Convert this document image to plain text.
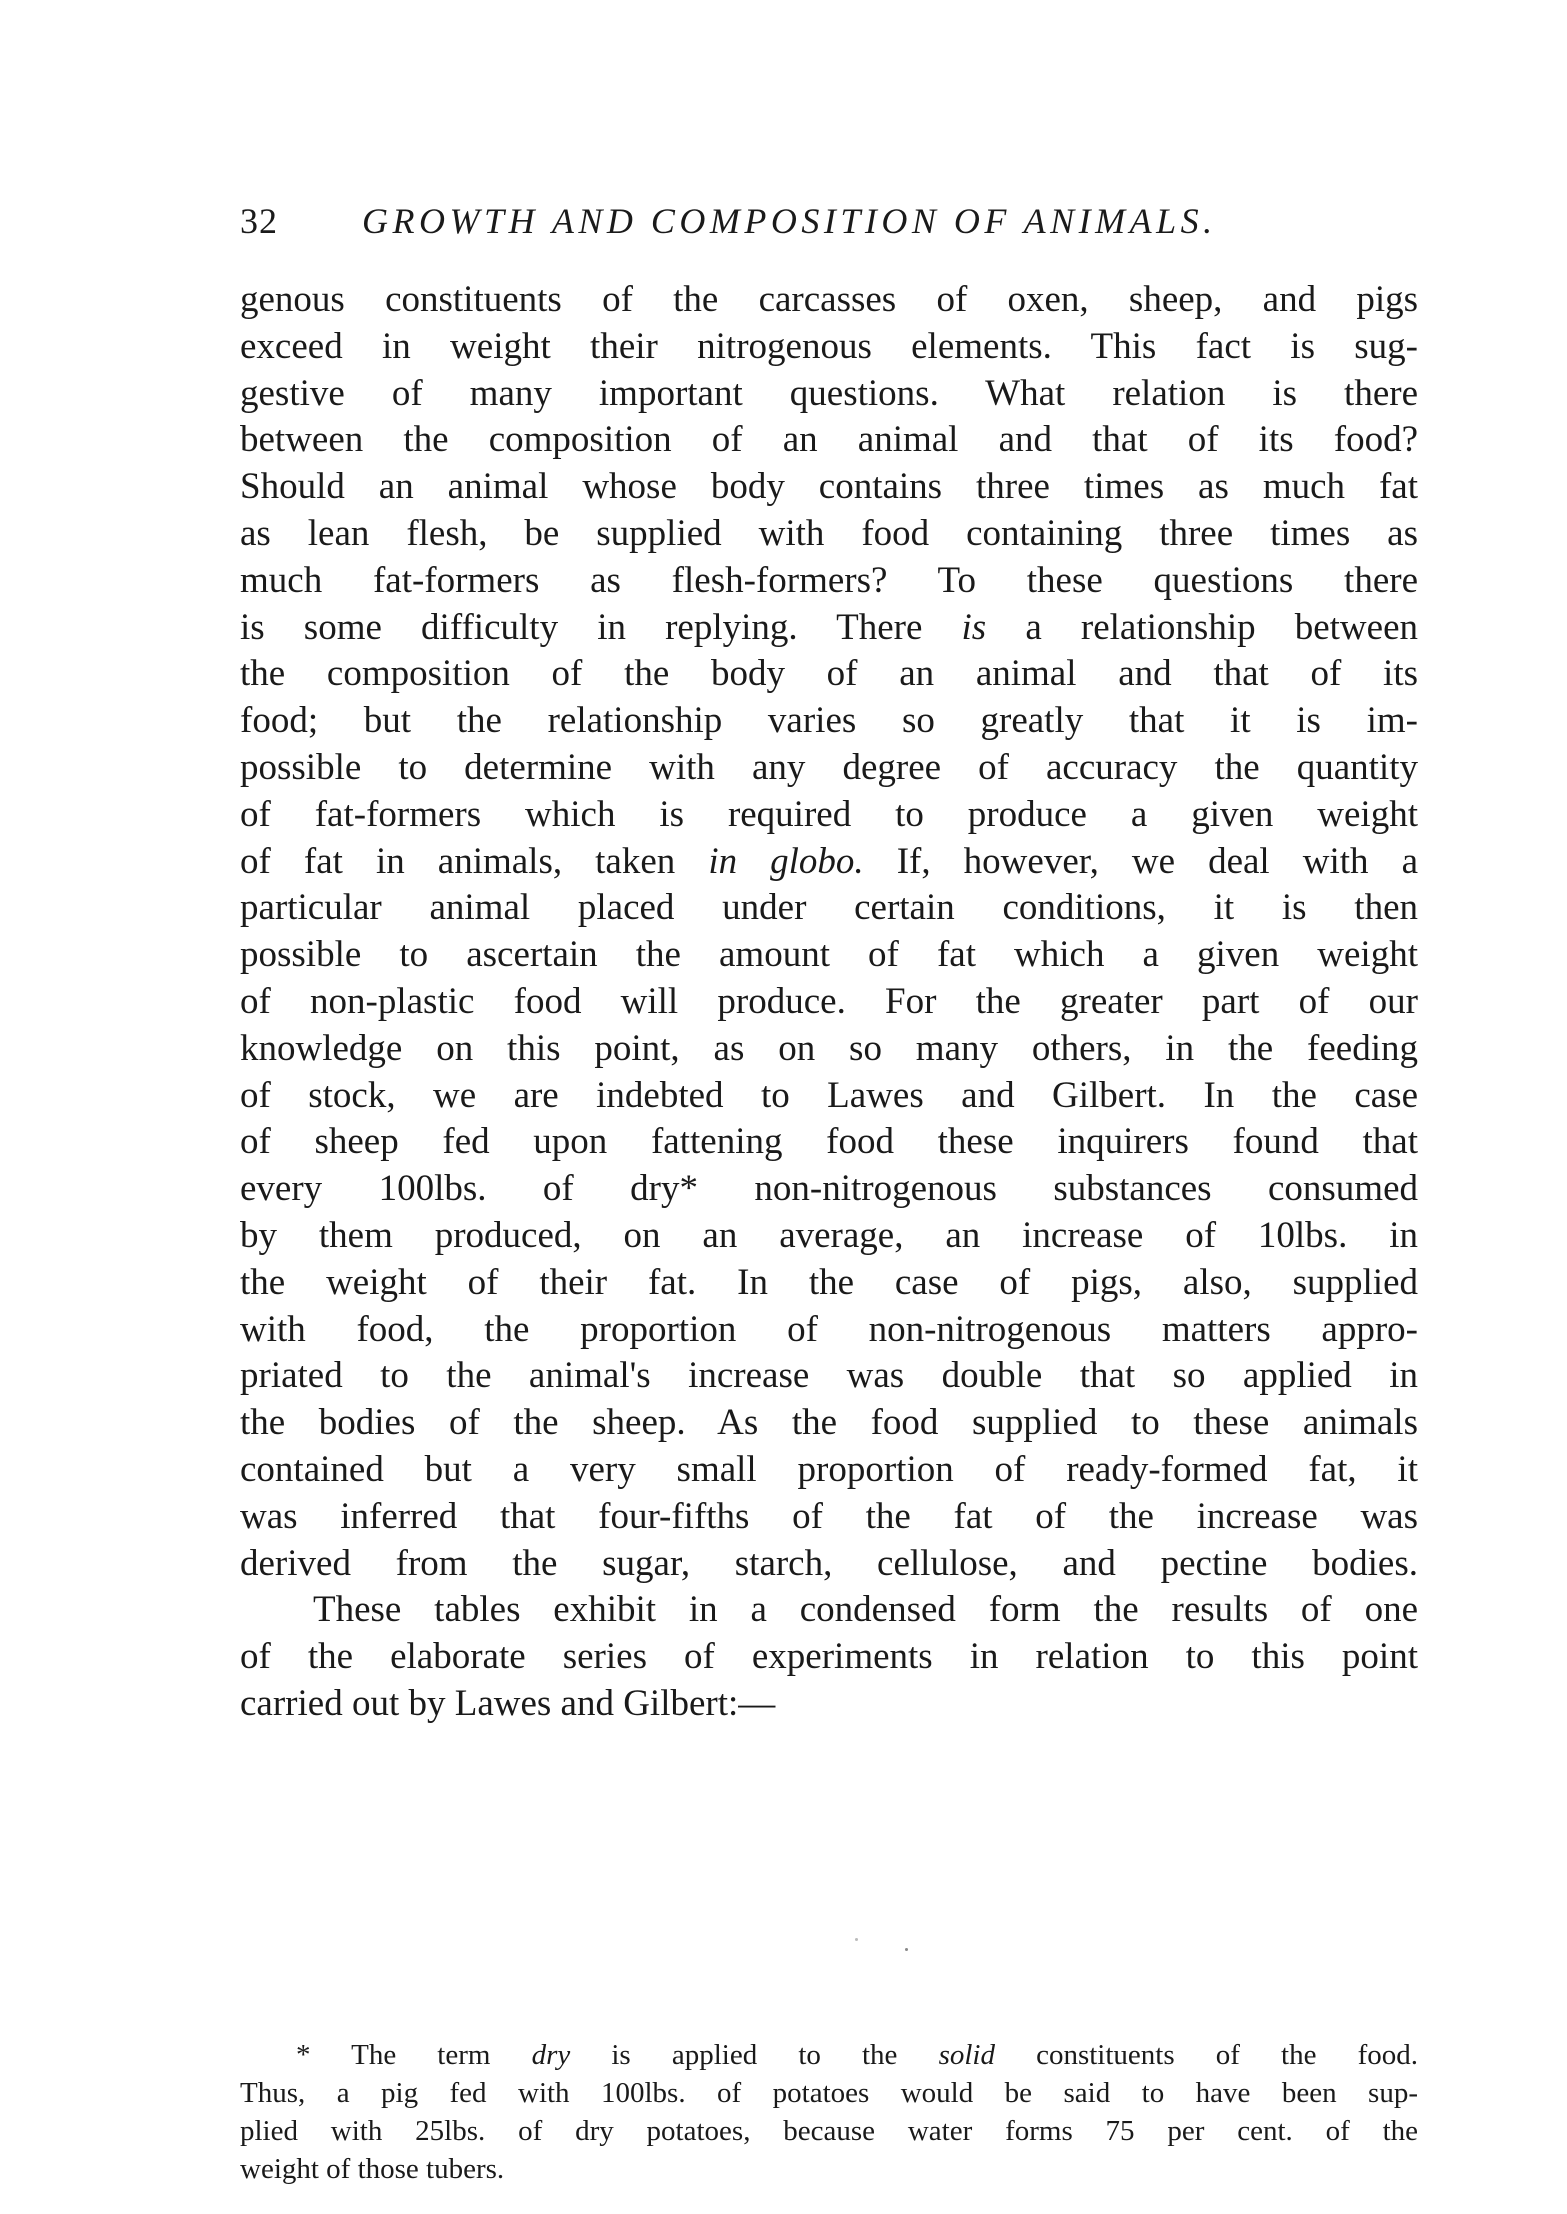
32 GROWTH AND COMPOSITION OF ANIMALS.
genous constituents of the carcasses of oxen, sheep, and pigs
exceed in weight their nitrogenous elements. This fact is sug-
gestive of many important questions. What relation is there
between the composition of an animal and that of its food?
Should an animal whose body contains three times as much fat
as lean flesh, be supplied with food containing three times as
much fat-formers as flesh-formers? To these questions there
is some difficulty in replying. There is a relationship between
the composition of the body of an animal and that of its
food; but the relationship varies so greatly that it is im-
possible to determine with any degree of accuracy the quantity
of fat-formers which is required to produce a given weight
of fat in animals, taken in globo. If, however, we deal with a
particular animal placed under certain conditions, it is then
possible to ascertain the amount of fat which a given weight
of non-plastic food will produce. For the greater part of our
knowledge on this point, as on so many others, in the feeding
of stock, we are indebted to Lawes and Gilbert. In the case
of sheep fed upon fattening food these inquirers found that
every 100lbs. of dry* non-nitrogenous substances consumed
by them produced, on an average, an increase of 10lbs. in
the weight of their fat. In the case of pigs, also, supplied
with food, the proportion of non-nitrogenous matters appro-
priated to the animal's increase was double that so applied in
the bodies of the sheep. As the food supplied to these animals
contained but a very small proportion of ready-formed fat, it
was inferred that four-fifths of the fat of the increase was
derived from the sugar, starch, cellulose, and pectine bodies.
These tables exhibit in a condensed form the results of one
of the elaborate series of experiments in relation to this point
carried out by Lawes and Gilbert:—
* The term dry is applied to the solid constituents of the food.
Thus, a pig fed with 100lbs. of potatoes would be said to have been sup-
plied with 25lbs. of dry potatoes, because water forms 75 per cent. of the
weight of those tubers.
